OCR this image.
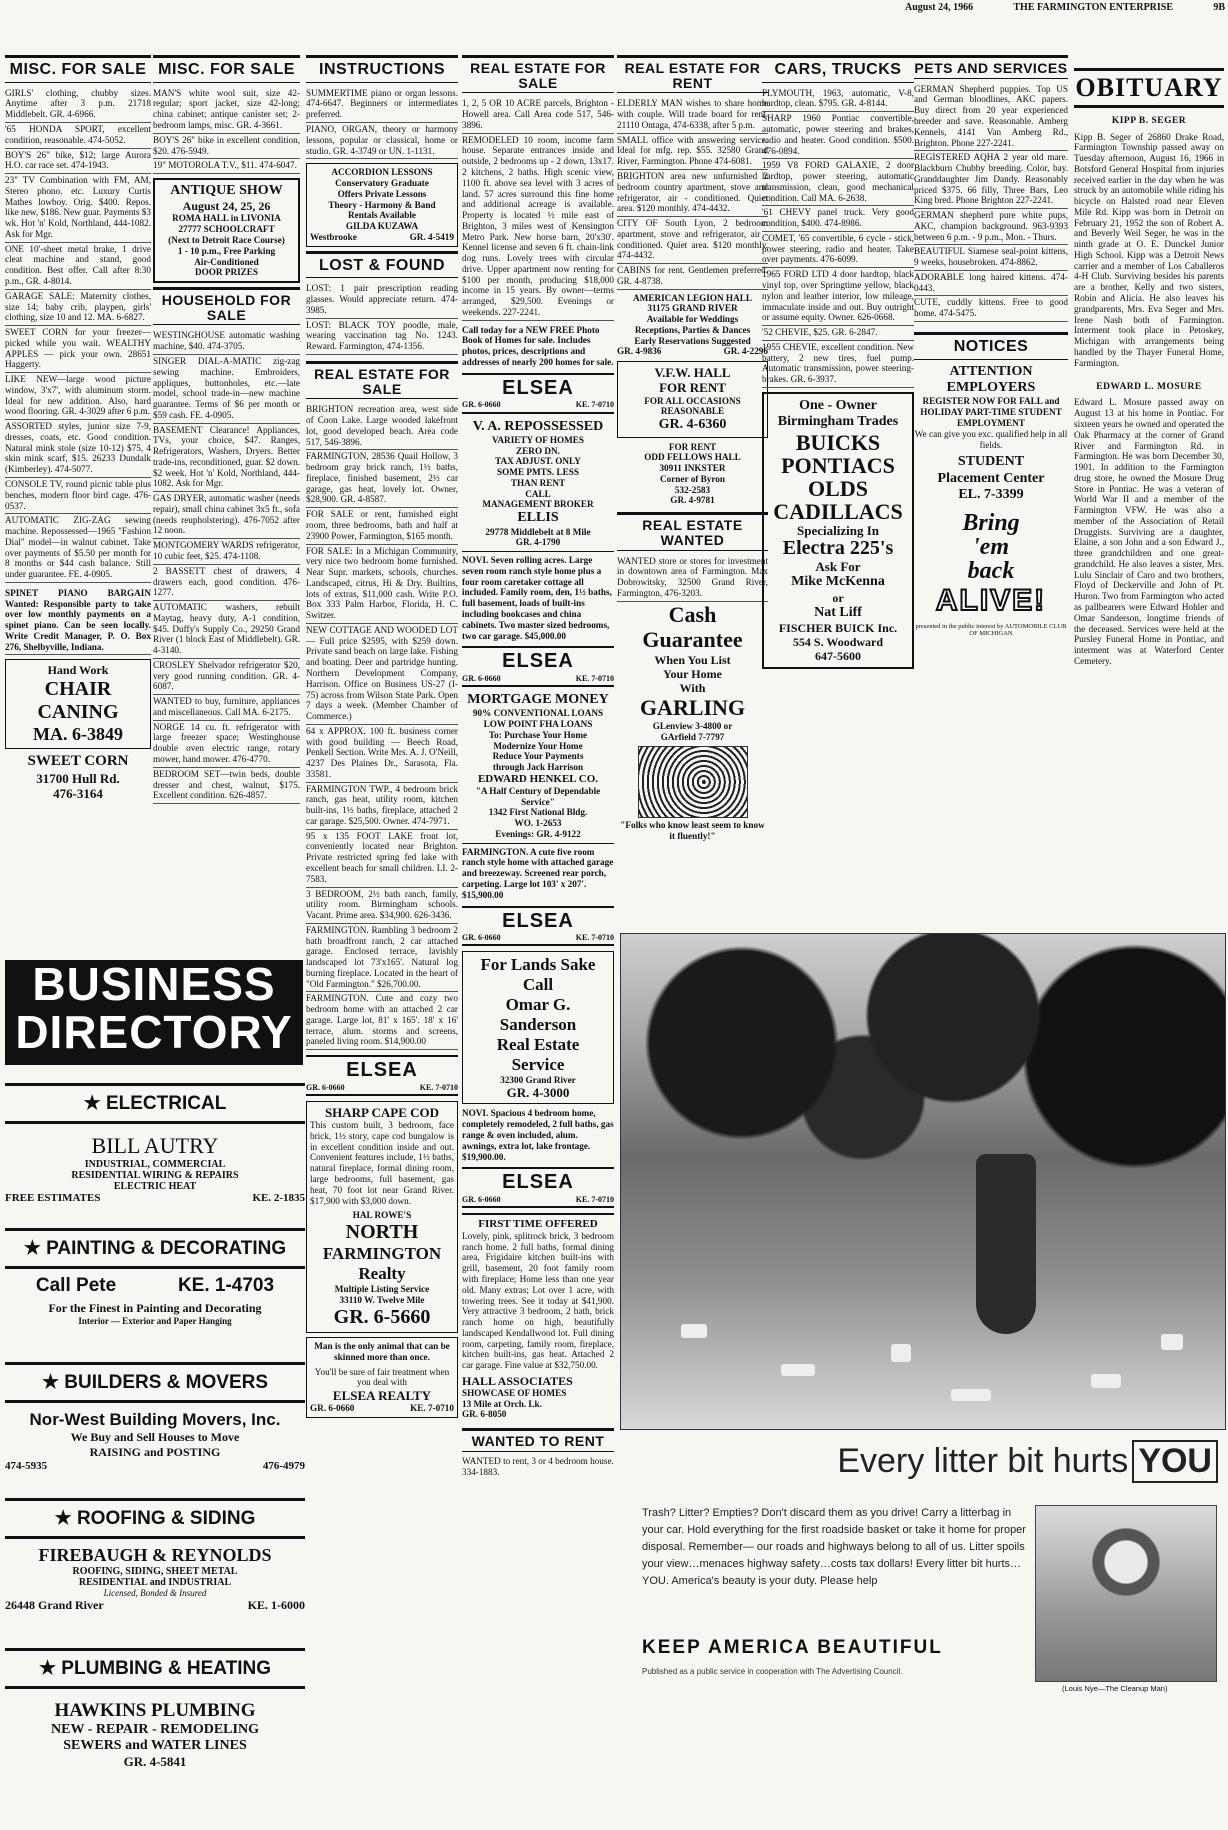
August 24, 1966	THE FARMINGTON ENTERPRISE	9B
MISC. FOR SALE
GIRLS' clothing, chubby sizes. Anytime after 3 p.m. 21718 Middlebelt. GR. 4-6966.
'65 HONDA SPORT, excellent condition, reasonable. 474-5052.
BOY'S 26" bike, $12; large Aurora H.O. car race set. 474-1943.
23" TV Combination with FM, AM, Stereo phono. etc. Luxury Curtis Mathes lowboy. Orig. $400. Repos. like new, $186. New guar. Payments $3 wk. Hot 'n' Kold, Northland, 444-1082. Ask for Mgr.
ONE 10'-sheet metal brake, 1 drive cleat machine and stand, good condition. Best offer. Call after 8:30 p.m., GR. 4-8014.
GARAGE SALE: Maternity clothes, size 14; baby crib, playpen, girls' clothing, size 10 and 12. MA. 6-6827.
SWEET CORN for your freezer—picked while you wait. WEALTHY APPLES — pick your own. 28651 Haggerty.
LIKE NEW—large wood picture window, 3'x7', with aluminum storm. Ideal for new addition. Also, hard wood flooring. GR. 4-3029 after 6 p.m.
ASSORTED styles, junior size 7-9, dresses, coats, etc. Good condition. Natural mink stole (size 10-12) $75, 4 skin mink scarf, $15. 26233 Dundalk (Kimberley). 474-5077.
CONSOLE TV, round picnic table plus benches, modern floor bird cage. 476-0537.
AUTOMATIC ZIG-ZAG sewing machine. Repossessed—1965 "Fashion Dial" model—in walnut cabinet. Take over payments of $5.50 per month for 8 months or $44 cash balance. Still under guarantee. FE. 4-0905.
SPINET PIANO BARGAIN Wanted: Responsible party to take over low monthly payments on a spinet piano. Can be seen locally. Write Credit Manager, P. O. Box 276, Shelbyville, Indiana.
Hand Work
CHAIR
CANING
MA. 6-3849
SWEET CORN
31700 Hull Rd.
476-3164
MISC. FOR SALE
MAN'S white wool suit, size 42-regular; sport jacket, size 42-long; china cabinet; antique canister set; 2-bedroom lamps, misc. GR. 4-3661.
BOY'S 26" bike in excellent condition, $20. 476-5949.
19" MOTOROLA T.V., $11. 474-6047.
ANTIQUE SHOW
August 24, 25, 26
ROMA HALL in LIVONIA
27777 SCHOOLCRAFT
(Next to Detroit Race Course)
1 - 10 p.m., Free Parking
Air-Conditioned
DOOR PRIZES
HOUSEHOLD FOR SALE
WESTINGHOUSE automatic washing machine, $40. 474-3705.
SINGER DIAL-A-MATIC zig-zag sewing machine. Embroiders, appliques, buttonholes, etc.—late model, school trade-in—new machine guarantee. Terms of $6 per month or $59 cash. FE. 4-0905.
BASEMENT Clearance! Appliances, TVs, your choice, $47. Ranges, Refrigerators, Washers, Dryers. Better trade-ins, reconditioned, guar. $2 down. $2 week. Hot 'n' Kold, Northland, 444-1082. Ask for Mgr.
GAS DRYER, automatic washer (needs repair), small china cabinet 3x5 ft., sofa (needs reupholstering). 476-7052 after 12 noon.
MONTGOMERY WARDS refrigerator, 10 cubic feet, $25. 474-1108.
2 BASSETT chest of drawers, 4 drawers each, good condition. 476-1277.
AUTOMATIC washers, rebuilt Maytag, heavy duty, A-1 condition, $45. Duffy's Supply Co., 29250 Grand River (1 block East of Middlebelt). GR. 4-3140.
CROSLEY Shelvador refrigerator $20, very good running condition. GR. 4-6087.
WANTED to buy, furniture, appliances and miscellaneous. Call MA. 6-2175.
NORGE 14 cu. ft. refrigerator with large freezer space; Westinghouse double oven electric range, rotary mower, hand mower. 476-4770.
BEDROOM SET—twin beds, double dresser and chest, walnut, $175. Excellent condition. 626-4857.
INSTRUCTIONS
SUMMERTIME piano or organ lessons. 474-6647. Beginners or intermediates preferred.
PIANO, ORGAN, theory or harmony lessons, popular or classical, home or studio. GR. 4-3749 or UN. 1-1131.
ACCORDION LESSONS
Conservatory Graduate
Offers Private Lessons
Theory - Harmony & Band
Rentals Available
GILDA KUZAWA
Westbrooke	GR. 4-5419
LOST & FOUND
LOST: 1 pair prescription reading glasses. Would appreciate return. 474-3985.
LOST: BLACK TOY poodle, male, wearing vaccination tag No. 1243. Reward. Farmington, 474-1356.
REAL ESTATE FOR SALE
BRIGHTON recreation area, west side of Coon Lake. Large wooded lakefront lot, good developed beach. Area code 517, 546-3896.
FARMINGTON, 28536 Quail Hollow, 3 bedroom gray brick ranch, 1½ baths, fireplace, finished basement, 2½ car garage, gas heat, lovely lot. Owner, $28,900. GR. 4-8587.
FOR SALE or rent, furnished eight room, three bedrooms, bath and half at 23900 Power, Farmington, $165 month.
FOR SALE: In a Michigan Community, very nice two bedroom home furnished. Near Supr. markets, schools, churches. Landscaped, citrus, Hi & Dry. Builtins, lots of extras, $11,000 cash. Write P.O. Box 333 Palm Harbor, Florida, H. C. Switzer.
NEW COTTAGE AND WOODED LOT— Full price $2595, with $259 down. Private sand beach on large lake. Fishing and boating. Deer and partridge hunting. Northern Development Company, Harrison. Office on Business US-27 (I-75) across from Wilson State Park. Open 7 days a week. (Member Chamber of Commerce.)
64 x APPROX. 100 ft. business corner with good building — Beech Road, Penkell Section. Write Mrs. A. J. O'Neill, 4237 Des Plaines Dr., Sarasota, Fla. 33581.
FARMINGTON TWP., 4 bedroom brick ranch, gas heat, utility room, kitchen built-ins, 1½ baths, fireplace, attached 2 car garage. $25,500. Owner. 474-7971.
95 x 135 FOOT LAKE front lot, conveniently located near Brighton. Private restricted spring fed lake with excellent beach for small children. LI. 2-7583.
3 BEDROOM, 2½ bath ranch, family, utility room. Birmingham schools. Vacant. Prime area. $34,900. 626-3436.
FARMINGTON. Rambling 3 bedroom 2 bath broadfront ranch, 2 car attached garage. Enclosed terrace, lavishly landscaped lot 73'x165'. Natural log burning fireplace. Located in the heart of "Old Farmington." $26,700.00.
FARMINGTON. Cute and cozy two bedroom home with an attached 2 car garage. Large lot, 81' x 165'. 18' x 16' terrace, alum. storms and screens, paneled living room. $14,900.00
ELSEA
GR. 6-0660	KE. 7-0710
SHARP CAPE COD
This custom built, 3 bedroom, face brick, 1½ story, cape cod bungalow is in excellent condition inside and out. Convenient features include, 1½ baths, natural fireplace, formal dining room, large bedrooms, full basement, gas heat, 70 foot lot near Grand River. $17,900 with $3,000 down.
HAL ROWE'S
NORTH
FARMINGTON
Realty
Multiple Listing Service
33110 W. Twelve Mile
GR. 6-5660
Man is the only animal that can be skinned more than once.
You'll be sure of fair treatment when you deal with
ELSEA REALTY
GR. 6-0660	KE. 7-0710
REAL ESTATE FOR SALE
1, 2, 5 OR 10 ACRE parcels, Brighton - Howell area. Call Area code 517, 546-3896.
REMODELED 10 room, income farm house. Separate entrances inside and outside, 2 bedrooms up - 2 down, 13x17. 2 kitchens, 2 baths. High scenic view, 1100 ft. above sea level with 3 acres of land. 57 acres surround this fine home and additional acreage is available. Property is located ½ mile east of Brighton, 3 miles west of Kensington Metro Park. New horse barn, 20'x30'. Kennel license and seven 6 ft. chain-link dog runs. Lovely trees with circular drive. Upper apartment now renting for $100 per month, producing $18,000 income in 15 years. By owner—terms arranged, $29,500. Evenings or weekends. 227-2241.
Call today for a NEW FREE Photo Book of Homes for sale. Includes photos, prices, descriptions and addresses of nearly 200 homes for sale.
ELSEA
GR. 6-0660	KE. 7-0710
V. A. REPOSSESSED
VARIETY OF HOMES
ZERO DN.
TAX ADJUST. ONLY
SOME PMTS. LESS
THAN RENT
CALL
MANAGEMENT BROKER
ELLIS
29778 Middlebelt at 8 Mile
GR. 4-1790
NOVI. Seven rolling acres. Large seven room ranch style home plus a four room caretaker cottage all included. Family room, den, 1½ baths, full basement, loads of built-ins including bookcases and china cabinets. Two master sized bedrooms, two car garage. $45,000.00
ELSEA
GR. 6-0660	KE. 7-0710
MORTGAGE MONEY
90% CONVENTIONAL LOANS
LOW POINT FHA LOANS
To: Purchase Your Home
Modernize Your Home
Reduce Your Payments
through Jack Harrison
EDWARD HENKEL CO.
"A Half Century of Dependable Service"
1342 First National Bldg.
WO. 1-2653
Evenings: GR. 4-9122
FARMINGTON. A cute five room ranch style home with attached garage and breezeway. Screened rear porch, carpeting. Large lot 103' x 207'. $15,900.00
ELSEA
GR. 6-0660	KE. 7-0710
For Lands Sake
Call
Omar G.
Sanderson
Real Estate
Service
32300 Grand River
GR. 4-3000
NOVI. Spacious 4 bedroom home, completely remodeled, 2 full baths, gas range & oven included, alum. awnings, extra lot, lake frontage. $19,900.00.
ELSEA
GR. 6-0660	KE. 7-0710
FIRST TIME OFFERED
Lovely, pink, splitrock brick, 3 bedroom ranch home. 2 full baths, formal dining area, Frigidaire kitchen built-ins with grill, basement, 20 foot family room with fireplace; Home less than one year old. Many extras; Lot over 1 acre, with towering trees. See it today at $41,900. Very attractive 3 bedroom, 2 bath, brick ranch home on high, beautifully landscaped Kendallwood lot. Full dining room, carpeting, family room, fireplace, kitchen built-ins, gas heat. Attached 2 car garage. Fine value at $32,750.00.
HALL ASSOCIATES
SHOWCASE OF HOMES
13 Mile at Orch. Lk.
GR. 6-8050
WANTED TO RENT
WANTED to rent, 3 or 4 bedroom house. 334-1883.
REAL ESTATE FOR RENT
ELDERLY MAN wishes to share home with couple. Will trade board for rent. 21110 Ontaga, 474-6338, after 5 p.m.
SMALL office with answering service. Ideal for mfg. rep. $55. 32580 Grand River, Farmington. Phone 474-6081.
BRIGHTON area new unfurnished 2 bedroom country apartment, stove and refrigerator, air - conditioned. Quiet area. $120 monthly. 474-4432.
CITY OF South Lyon, 2 bedroom apartment, stove and refrigerator, air - conditioned. Quiet area. $120 monthly. 474-4432.
CABINS for rent. Gentlemen preferred. GR. 4-8738.
AMERICAN LEGION HALL
31175 GRAND RIVER
Available for Weddings
Receptions, Parties & Dances
Early Reservations Suggested
GR. 4-9836	GR. 4-2296
V.F.W. HALL
FOR RENT
FOR ALL OCCASIONS
REASONABLE
GR. 4-6360
FOR RENT
ODD FELLOWS HALL
30911 INKSTER
Corner of Byron
532-2583
GR. 4-9781
REAL ESTATE WANTED
WANTED store or stores for investment in downtown area of Farmington. Max Dobrowitsky, 32500 Grand River, Farmington, 476-3203.
Cash
Guarantee
When You List
Your Home
With
GARLING
GLenview 3-4800 or
GArfield 7-7797
"Folks who know least seem to know it fluently!"
CARS, TRUCKS
PLYMOUTH, 1963, automatic, V-8, hardtop, clean. $795. GR. 4-8144.
SHARP 1960 Pontiac convertible, automatic, power steering and brakes, radio and heater. Good condition. $500. 476-0894.
1959 V8 FORD GALAXIE, 2 door hardtop, power steering, automatic transmission, clean, good mechanical condition. Call MA. 6-2638.
'61 CHEVY panel truck. Very good condition, $400. 474-8986.
COMET, '65 convertible, 6 cycle - stick, power steering, radio and heater. Take over payments. 476-6099.
1965 FORD LTD 4 door hardtop, black vinyl top, over Springtime yellow, black nylon and leather interior, low mileage, immaculate inside and out. Buy outright or assume equity. Owner. 626-0668.
'52 CHEVIE, $25. GR. 6-2847.
1955 CHEVIE, excellent condition. New battery, 2 new tires, fuel pump. Automatic transmission, power steering-brakes. GR. 6-3937.
One - Owner
Birmingham Trades
BUICKS
PONTIACS
OLDS
CADILLACS
Specializing In
Electra 225's
Ask For
Mike McKenna
or
Nat Liff
FISCHER BUICK Inc.
554 S. Woodward
647-5600
PETS AND SERVICES
GERMAN Shepherd puppies. Top US and German bloodlines, AKC papers. Buy direct from 20 year experienced breeder and save. Reasonable. Amberg Kennels, 4141 Van Amberg Rd., Brighton. Phone 227-2241.
REGISTERED AQHA 2 year old mare. Blackburn Chubby breeding. Color, bay. Granddaughter Jim Dandy. Reasonably priced $375. 66 filly, Three Bars, Leo King bred. Phone Brighton 227-2241.
GERMAN shepherd pure white pups, AKC, champion background. 963-9393 between 6 p.m. - 9 p.m., Mon. - Thurs.
BEAUTIFUL Siamese seal-point kittens, 9 weeks, housebroken. 474-8862.
ADORABLE long haired kittens. 474-0443.
CUTE, cuddly kittens. Free to good home. 474-5475.
NOTICES
ATTENTION
EMPLOYERS
REGISTER NOW FOR FALL and HOLIDAY PART-TIME STUDENT EMPLOYMENT
We can give you exc. qualified help in all fields.
STUDENT
Placement Center
EL. 7-3399
Bring
'em
back
ALIVE!
presented in the public interest by AUTOMOBILE CLUB OF MICHIGAN
OBITUARY
KIPP B. SEGER
Kipp B. Seger of 26860 Drake Road, Farmington Township passed away on Tuesday afternoon, August 16, 1966 in Botsford General Hospital from injuries received earlier in the day when he was struck by an automobile while riding his bicycle on Halsted road near Eleven Mile Rd. Kipp was born in Detroit on February 21, 1952 the son of Robert A. and Beverly Weil Seger, he was in the ninth grade at O. E. Dunckel Junior High School. Kipp was a Detroit News carrier and a member of Los Caballeros 4-H Club. Surviving besides his parents are a brother, Kelly and two sisters, Robin and Alicia. He also leaves his grandparents, Mrs. Eva Seger and Mrs. Irene Nash both of Farmington. Interment took place in Petoskey, Michigan with arrangements being handled by the Thayer Funeral Home, Farmington.
EDWARD L. MOSURE
Edward L. Mosure passed away on August 13 at his home in Pontiac. For sixteen years he owned and operated the Oak Pharmacy at the corner of Grand River and Farmington Rd. in Farmington. He was born December 30, 1901. In addition to the Farmington drug store, he owned the Mosure Drug Store in Pontiac. He was a veteran of World War II and a member of the Farmington VFW. He was also a member of the Association of Retail Druggists. Surviving are a daughter, Elaine, a son John and a son Edward J., three grandchildren and one great-grandchild. He also leaves a sister, Mrs. Lulu Sinclair of Caro and two brothers, Floyd of Deckerville and John of Pt. Huron. Two from Farmington who acted as pallbearers were Edward Hohler and Omar Sanderson, longtime friends of the deceased. Services were held at the Pursley Funeral Home in Pontiac, and interment was at Waterford Center Cemetery.
BUSINESS
DIRECTORY
★ ELECTRICAL
BILL AUTRY
INDUSTRIAL, COMMERCIAL
RESIDENTIAL WIRING & REPAIRS
ELECTRIC HEAT
FREE ESTIMATES	KE. 2-1835
★ PAINTING & DECORATING
Call Pete	KE. 1-4703
For the Finest in Painting and Decorating
Interior — Exterior and Paper Hanging
★ BUILDERS & MOVERS
Nor-West Building Movers, Inc.
We Buy and Sell Houses to Move
RAISING and POSTING
474-5935	476-4979
★ ROOFING & SIDING
FIREBAUGH & REYNOLDS
ROOFING, SIDING, SHEET METAL
RESIDENTIAL and INDUSTRIAL
Licensed, Bonded & Insured
26448 Grand River	KE. 1-6000
★ PLUMBING & HEATING
HAWKINS PLUMBING
NEW - REPAIR - REMODELING
SEWERS and WATER LINES
GR. 4-5841
Every litter bit hurts YOU
Trash? Litter? Empties? Don't discard them as you drive! Carry a litterbag in your car. Hold everything for the first roadside basket or take it home for proper disposal. Remember— our roads and highways belong to all of us. Litter spoils your view…menaces highway safety…costs tax dollars! Every litter bit hurts…YOU. America's beauty is your duty. Please help
KEEP AMERICA BEAUTIFUL
Published as a public service in cooperation with The Advertising Council.
(Louis Nye—The Cleanup Man)
